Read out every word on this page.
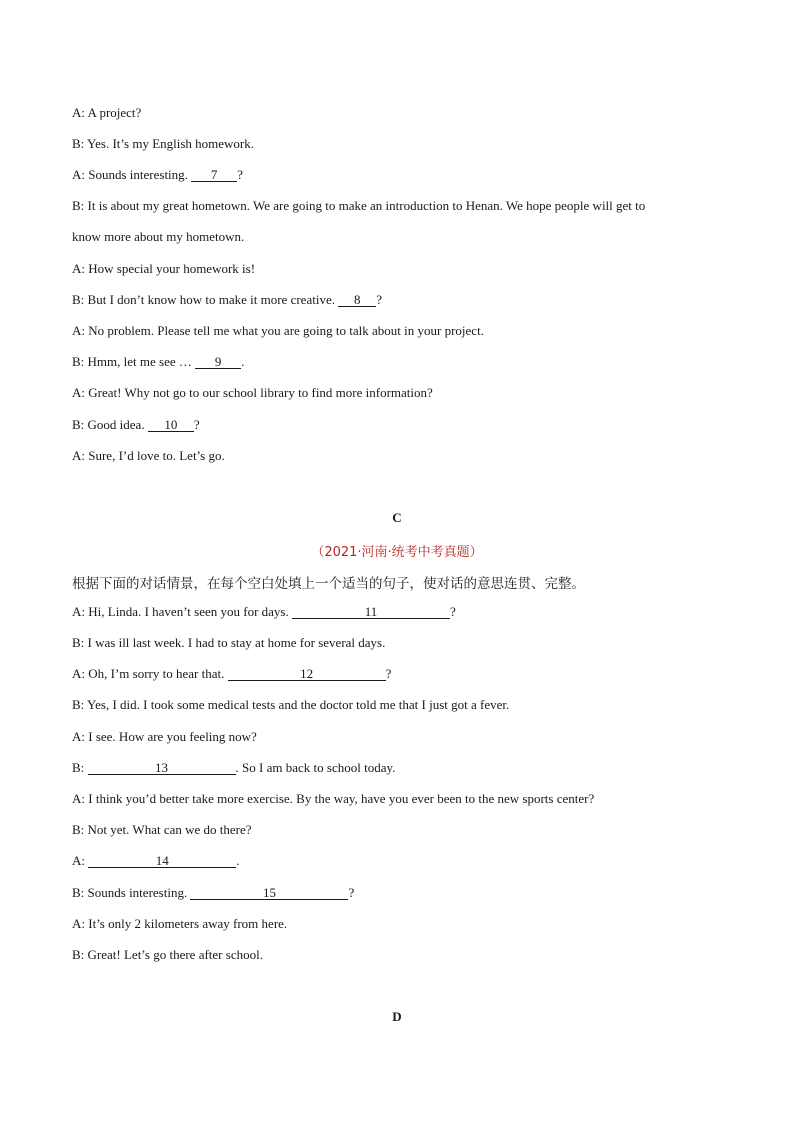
A: A project?
B: Yes. It’s my English homework.
A: Sounds interesting. 7 ?
B: It is about my great hometown. We are going to make an introduction to Henan. We hope people will get to
know more about my hometown.
A: How special your homework is!
B: But I don’t know how to make it more creative. 8 ?
A: No problem. Please tell me what you are going to talk about in your project.
B: Hmm, let me see … 9 .
A: Great! Why not go to our school library to find more information?
B: Good idea. 10 ?
A: Sure, I’d love to. Let’s go.
C
（2021·河南·统考中考真题）
根据下面的对话情景，在每个空白处填上一个适当的句子，使对话的意思连贯、完整。
A: Hi, Linda. I haven’t seen you for days.	11	?
B: I was ill last week. I had to stay at home for several days.
A: Oh, I’m sorry to hear that.	12	?
B: Yes, I did. I took some medical tests and the doctor told me that I just got a fever.
A: I see. How are you feeling now?
B:	13	. So I am back to school today.
A: I think you’d better take more exercise. By the way, have you ever been to the new sports center?
B: Not yet. What can we do there?
A:	14	.
B: Sounds interesting.	15	?
A: It’s only 2 kilometers away from here.
B: Great! Let’s go there after school.
D
